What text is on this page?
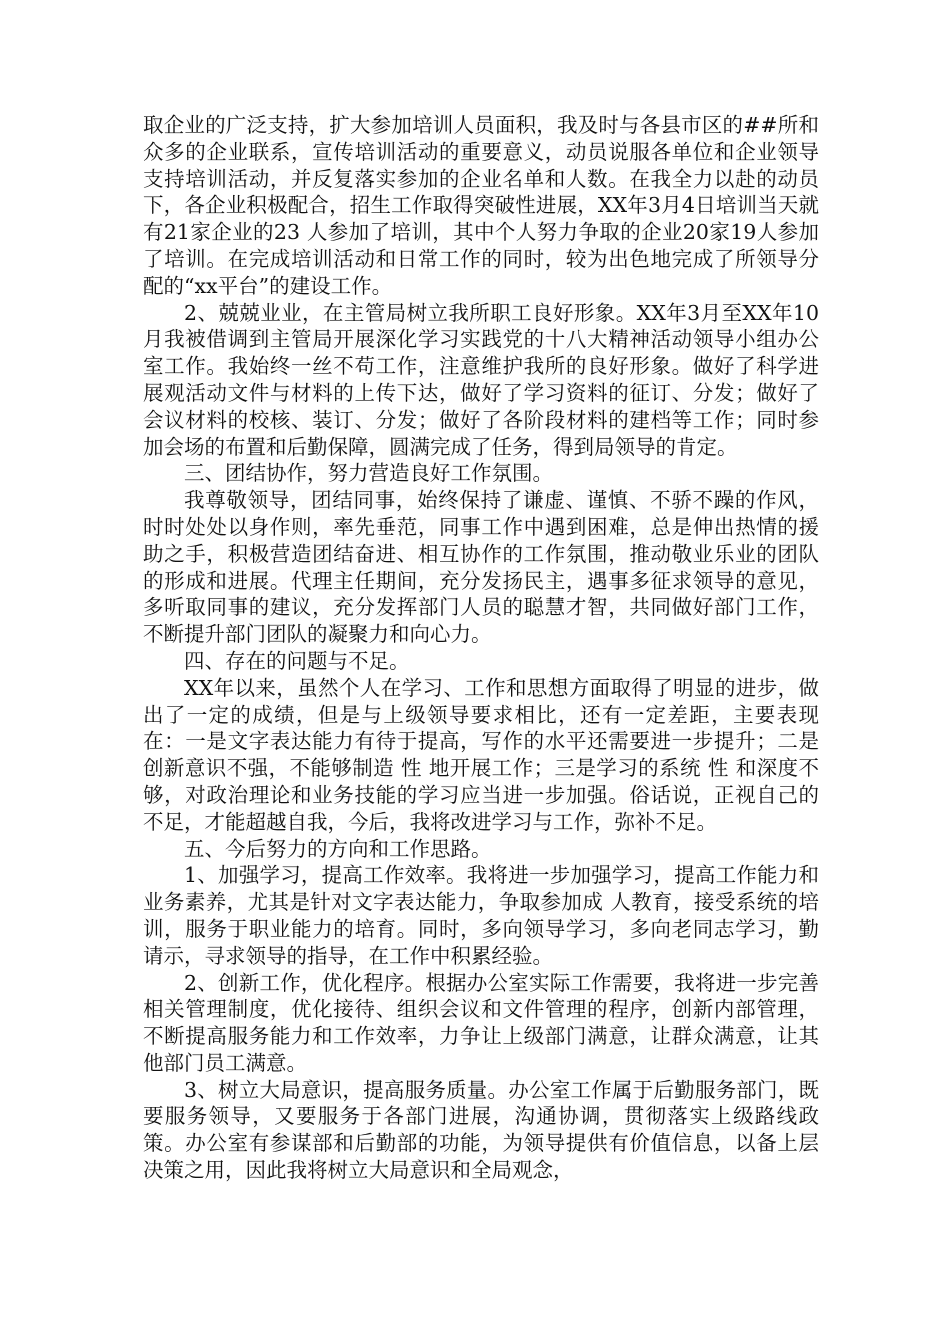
取企业的广泛支持，扩大参加培训人员面积，我及时与各县市区的##所和众多的企业联系，宣传培训活动的重要意义，动员说服各单位和企业领导支持培训活动，并反复落实参加的企业名单和人数。在我全力以赴的动员下，各企业积极配合，招生工作取得突破性进展，XX年3月4日培训当天就有21家企业的23 人参加了培训，其中个人努力争取的企业20家19人参加了培训。在完成培训活动和日常工作的同时，较为出色地完成了所领导分配的“xx平台”的建设工作。

2、兢兢业业，在主管局树立我所职工良好形象。XX年3月至XX年10月我被借调到主管局开展深化学习实践党的十八大精神活动领导小组办公室工作。我始终一丝不苟工作，注意维护我所的良好形象。做好了科学进展观活动文件与材料的上传下达，做好了学习资料的征订、分发；做好了会议材料的校核、装订、分发；做好了各阶段材料的建档等工作；同时参加会场的布置和后勤保障，圆满完成了任务，得到局领导的肯定。

三、团结协作，努力营造良好工作氛围。

我尊敬领导，团结同事，始终保持了谦虚、谨慎、不骄不躁的作风，时时处处以身作则，率先垂范，同事工作中遇到困难，总是伸出热情的援助之手，积极营造团结奋进、相互协作的工作氛围，推动敬业乐业的团队的形成和进展。代理主任期间，充分发扬民主，遇事多征求领导的意见，多听取同事的建议，充分发挥部门人员的聪慧才智，共同做好部门工作，不断提升部门团队的凝聚力和向心力。

四、存在的问题与不足。

XX年以来，虽然个人在学习、工作和思想方面取得了明显的进步，做出了一定的成绩，但是与上级领导要求相比，还有一定差距，主要表现在：一是文字表达能力有待于提高，写作的水平还需要进一步提升；二是创新意识不强，不能够制造 性 地开展工作；三是学习的系统 性 和深度不够，对政治理论和业务技能的学习应当进一步加强。俗话说，正视自己的不足，才能超越自我，今后，我将改进学习与工作，弥补不足。

五、今后努力的方向和工作思路。

1、加强学习，提高工作效率。我将进一步加强学习，提高工作能力和业务素养，尤其是针对文字表达能力，争取参加成 人教育，接受系统的培训，服务于职业能力的培育。同时，多向领导学习，多向老同志学习，勤请示，寻求领导的指导，在工作中积累经验。

2、创新工作，优化程序。根据办公室实际工作需要，我将进一步完善相关管理制度，优化接待、组织会议和文件管理的程序，创新内部管理，不断提高服务能力和工作效率，力争让上级部门满意，让群众满意，让其他部门员工满意。

3、树立大局意识，提高服务质量。办公室工作属于后勤服务部门，既要服务领导，又要服务于各部门进展，沟通协调，贯彻落实上级路线政策。办公室有参谋部和后勤部的功能，为领导提供有价值信息，以备上层决策之用，因此我将树立大局意识和全局观念，
